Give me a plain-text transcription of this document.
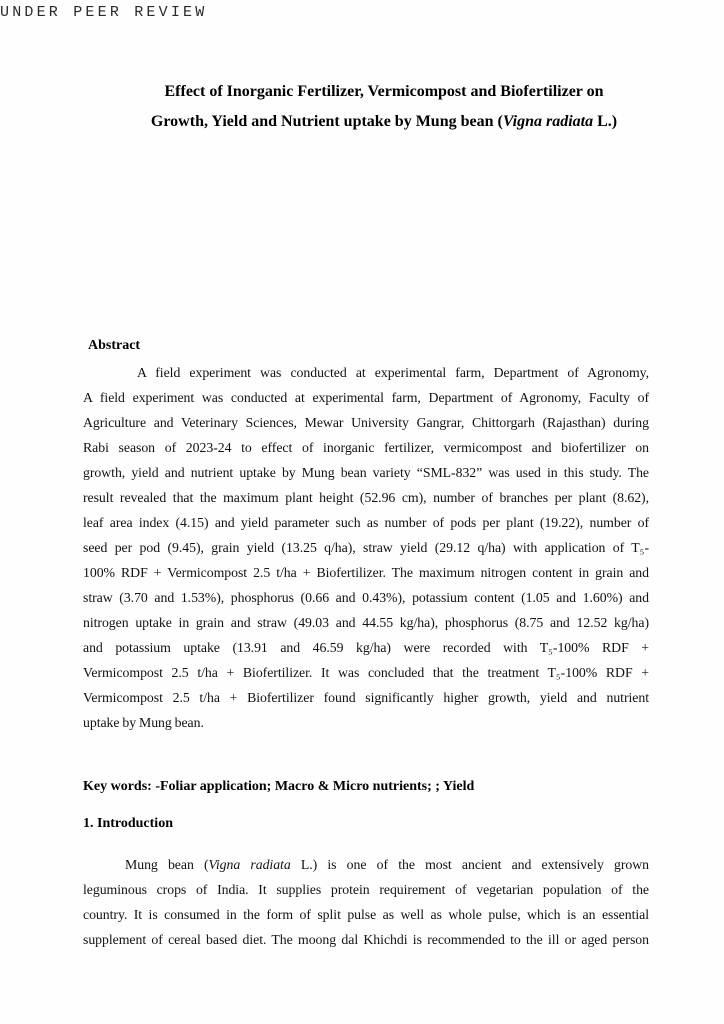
UNDER PEER REVIEW
Effect of Inorganic Fertilizer, Vermicompost and Biofertilizer on
Growth, Yield and Nutrient uptake by Mung bean (Vigna radiata L.)
Abstract
A field experiment was conducted at experimental farm, Department of Agronomy,
A field experiment was conducted at experimental farm, Department of Agronomy, Faculty of
Agriculture and Veterinary Sciences, Mewar University Gangrar, Chittorgarh (Rajasthan) during
Rabi season of 2023-24 to effect of inorganic fertilizer, vermicompost and biofertilizer on
growth, yield and nutrient uptake by Mung bean variety “SML-832” was used in this study. The
result revealed that the maximum plant height (52.96 cm), number of branches per plant (8.62),
leaf area index (4.15) and yield parameter such as number of pods per plant (19.22), number of
seed per pod (9.45), grain yield (13.25 q/ha), straw yield (29.12 q/ha) with application of T₅-
100% RDF + Vermicompost 2.5 t/ha + Biofertilizer. The maximum nitrogen content in grain and
straw (3.70 and 1.53%), phosphorus (0.66 and 0.43%), potassium content (1.05 and 1.60%) and
nitrogen uptake in grain and straw (49.03 and 44.55 kg/ha), phosphorus (8.75 and 12.52 kg/ha)
and potassium uptake (13.91 and 46.59 kg/ha) were recorded with T₅-100% RDF +
Vermicompost 2.5 t/ha + Biofertilizer. It was concluded that the treatment T₅-100% RDF +
Vermicompost 2.5 t/ha + Biofertilizer found significantly higher growth, yield and nutrient
uptake by Mung bean.
Key words: -Foliar application; Macro & Micro nutrients; ; Yield
1. Introduction
Mung bean (Vigna radiata L.) is one of the most ancient and extensively grown
leguminous crops of India. It supplies protein requirement of vegetarian population of the
country. It is consumed in the form of split pulse as well as whole pulse, which is an essential
supplement of cereal based diet. The moong dal Khichdi is recommended to the ill or aged person
